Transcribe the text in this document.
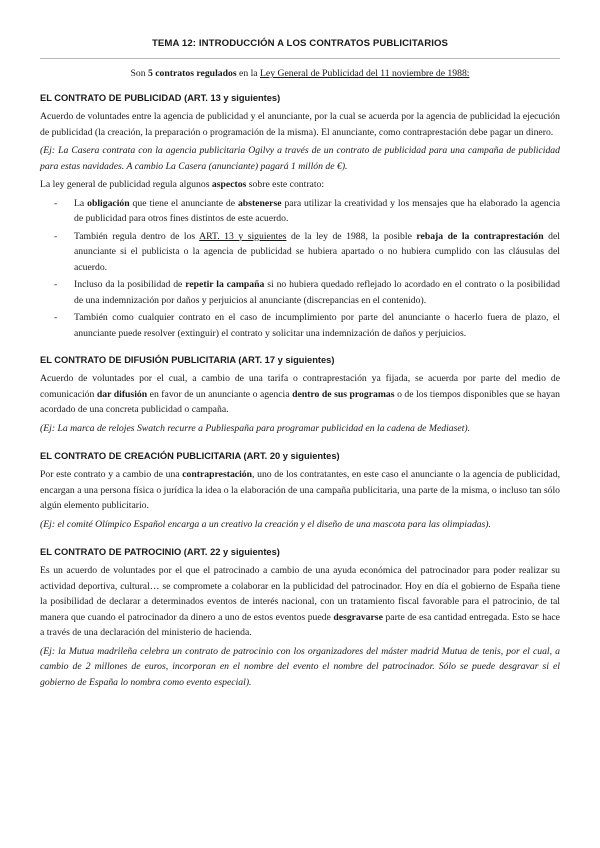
TEMA 12: INTRODUCCIÓN A LOS CONTRATOS PUBLICITARIOS
Son 5 contratos regulados en la Ley General de Publicidad del 11 noviembre de 1988:
EL CONTRATO DE PUBLICIDAD (ART. 13 y siguientes)

Acuerdo de voluntades entre la agencia de publicidad y el anunciante, por la cual se acuerda por la agencia de publicidad la ejecución de publicidad (la creación, la preparación o programación de la misma). El anunciante, como contraprestación debe pagar un dinero.

(Ej: La Casera contrata con la agencia publicitaria Ogilvy a través de un contrato de publicidad para una campaña de publicidad para estas navidades. A cambio La Casera (anunciante) pagará 1 millón de €).

La ley general de publicidad regula algunos aspectos sobre este contrato:

- La obligación que tiene el anunciante de abstenerse para utilizar la creatividad y los mensajes que ha elaborado la agencia de publicidad para otros fines distintos de este acuerdo.
- También regula dentro de los ART. 13 y siguientes de la ley de 1988, la posible rebaja de la contraprestación del anunciante si el publicista o la agencia de publicidad se hubiera apartado o no hubiera cumplido con las cláusulas del acuerdo.
- Incluso da la posibilidad de repetir la campaña si no hubiera quedado reflejado lo acordado en el contrato o la posibilidad de una indemnización por daños y perjuicios al anunciante (discrepancias en el contenido).
- También como cualquier contrato en el caso de incumplimiento por parte del anunciante o hacerlo fuera de plazo, el anunciante puede resolver (extinguir) el contrato y solicitar una indemnización de daños y perjuicios.
EL CONTRATO DE DIFUSIÓN PUBLICITARIA (ART. 17 y siguientes)

Acuerdo de voluntades por el cual, a cambio de una tarifa o contraprestación ya fijada, se acuerda por parte del medio de comunicación dar difusión en favor de un anunciante o agencia dentro de sus programas o de los tiempos disponibles que se hayan acordado de una concreta publicidad o campaña.

(Ej: La marca de relojes Swatch recurre a Publiespaña para programar publicidad en la cadena de Mediaset).

EL CONTRATO DE CREACIÓN PUBLICITARIA (ART. 20 y siguientes)

Por este contrato y a cambio de una contraprestación, uno de los contratantes, en este caso el anunciante o la agencia de publicidad, encargan a una persona física o jurídica la idea o la elaboración de una campaña publicitaria, una parte de la misma, o incluso tan sólo algún elemento publicitario.

(Ej: el comité Olímpico Español encarga a un creativo la creación y el diseño de una mascota para las olimpiadas).

EL CONTRATO DE PATROCINIO (ART. 22 y siguientes)

Es un acuerdo de voluntades por el que el patrocinado a cambio de una ayuda económica del patrocinador para poder realizar su actividad deportiva, cultural… se compromete a colaborar en la publicidad del patrocinador. Hoy en día el gobierno de España tiene la posibilidad de declarar a determinados eventos de interés nacional, con un tratamiento fiscal favorable para el patrocinio, de tal manera que cuando el patrocinador da dinero a uno de estos eventos puede desgravarse parte de esa cantidad entregada. Esto se hace a través de una declaración del ministerio de hacienda.

(Ej: la Mutua madrileña celebra un contrato de patrocinio con los organizadores del máster madrid Mutua de tenis, por el cual, a cambio de 2 millones de euros, incorporan en el nombre del evento el nombre del patrocinador. Sólo se puede desgravar si el gobierno de España lo nombra como evento especial).
